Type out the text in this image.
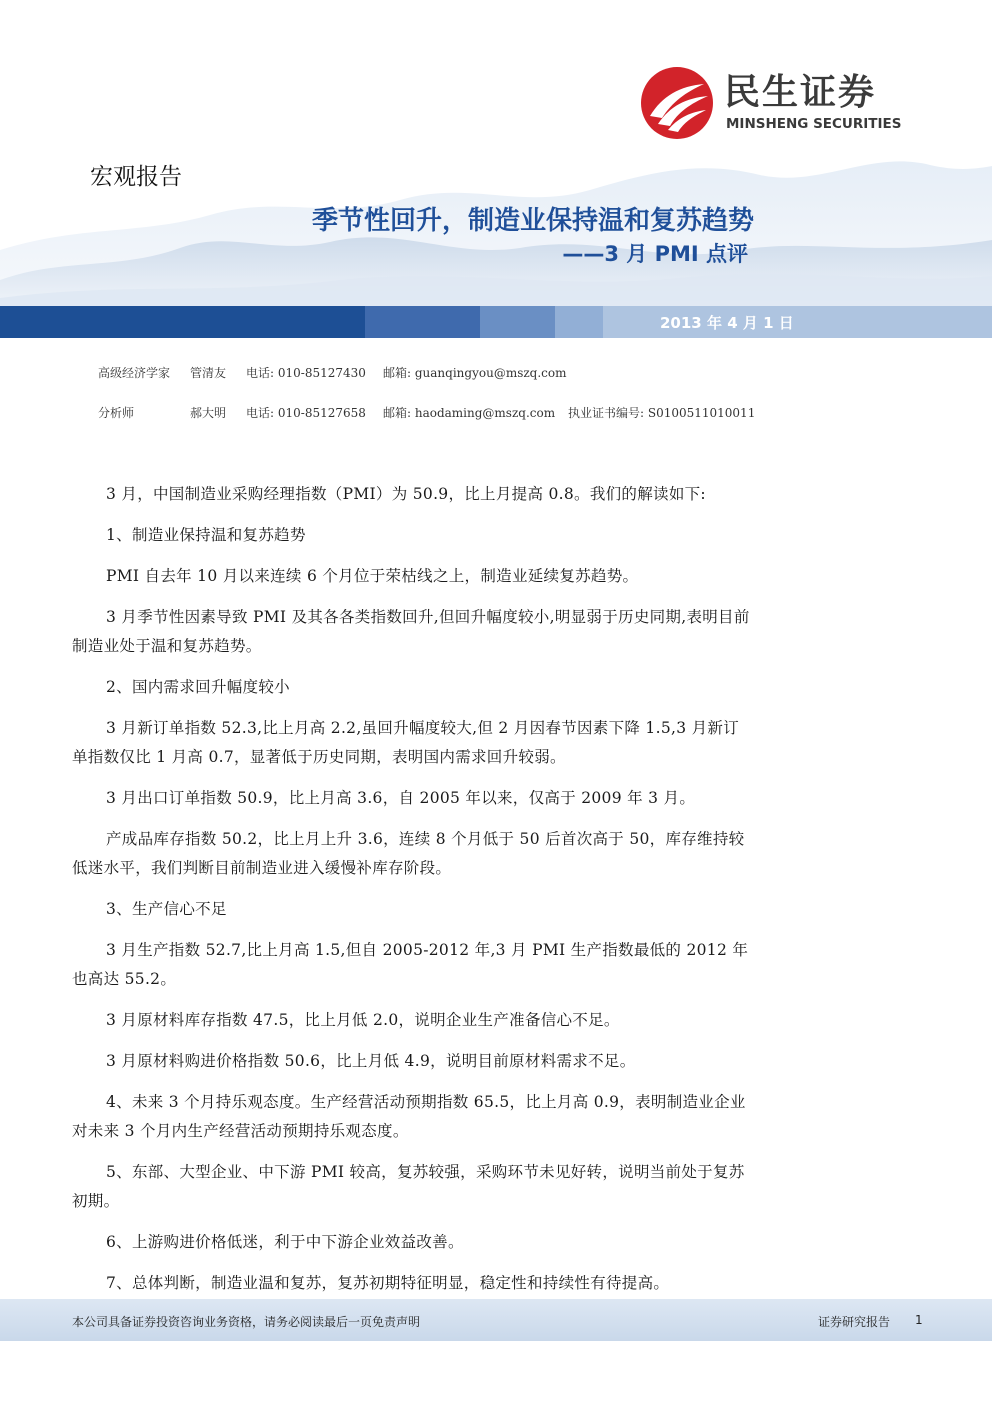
民生证券
MINSHENG SECURITIES
宏观报告
季节性回升，制造业保持温和复苏趋势
——3 月 PMI 点评
2013 年 4 月 1 日
高级经济学家 管清友 电话: 010-85127430 邮箱: guanqingyou@mszq.com
分析师	郝大明 电话: 010-85127658 邮箱: haodaming@mszq.com 执业证书编号: S0100511010011

3 月，中国制造业采购经理指数（PMI）为 50.9，比上月提高 0.8。我们的解读如下:

1、制造业保持温和复苏趋势

PMI 自去年 10 月以来连续 6 个月位于荣枯线之上，制造业延续复苏趋势。

3 月季节性因素导致 PMI 及其各各类指数回升,但回升幅度较小,明显弱于历史同期,表明目前制造业处于温和复苏趋势。

2、国内需求回升幅度较小

3 月新订单指数 52.3,比上月高 2.2,虽回升幅度较大,但 2 月因春节因素下降 1.5,3 月新订单指数仅比 1 月高 0.7，显著低于历史同期，表明国内需求回升较弱。

3 月出口订单指数 50.9，比上月高 3.6，自 2005 年以来，仅高于 2009 年 3 月。

产成品库存指数 50.2，比上月上升 3.6，连续 8 个月低于 50 后首次高于 50，库存维持较低迷水平，我们判断目前制造业进入缓慢补库存阶段。

3、生产信心不足

3 月生产指数 52.7,比上月高 1.5,但自 2005-2012 年,3 月 PMI 生产指数最低的 2012 年也高达 55.2。

3 月原材料库存指数 47.5，比上月低 2.0，说明企业生产准备信心不足。

3 月原材料购进价格指数 50.6，比上月低 4.9，说明目前原材料需求不足。

4、未来 3 个月持乐观态度。生产经营活动预期指数 65.5，比上月高 0.9，表明制造业企业对未来 3 个月内生产经营活动预期持乐观态度。

5、东部、大型企业、中下游 PMI 较高，复苏较强，采购环节未见好转，说明当前处于复苏初期。

6、上游购进价格低迷，利于中下游企业效益改善。

7、总体判断，制造业温和复苏，复苏初期特征明显，稳定性和持续性有待提高。

本公司具备证券投资咨询业务资格，请务必阅读最后一页免责声明	证券研究报告 1
